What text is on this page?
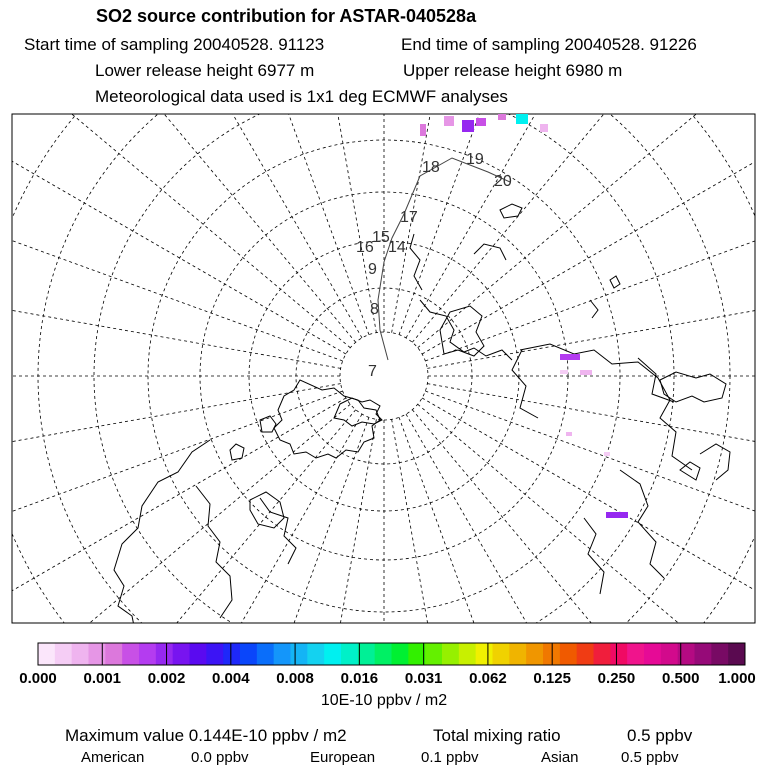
SO2 source contribution for ASTAR-040528a
Start time of sampling 20040528. 91123	End time of sampling 20040528. 91226
Lower release height 6977 m	Upper release height 6980 m
Meteorological data used is 1x1 deg ECMWF analyses
18 19
20
17
15
16 14
9
8
7
0.000 0.001 0.002 0.004 0.008 0.016 0.031 0.062 0.125 0.250 0.500 1.000
10E-10 ppbv / m2
Maximum value 0.144E-10 ppbv / m2	Total mixing ratio	0.5 ppbv
American	0.0 ppbv	European	0.1 ppbv	Asian	0.5 ppbv
